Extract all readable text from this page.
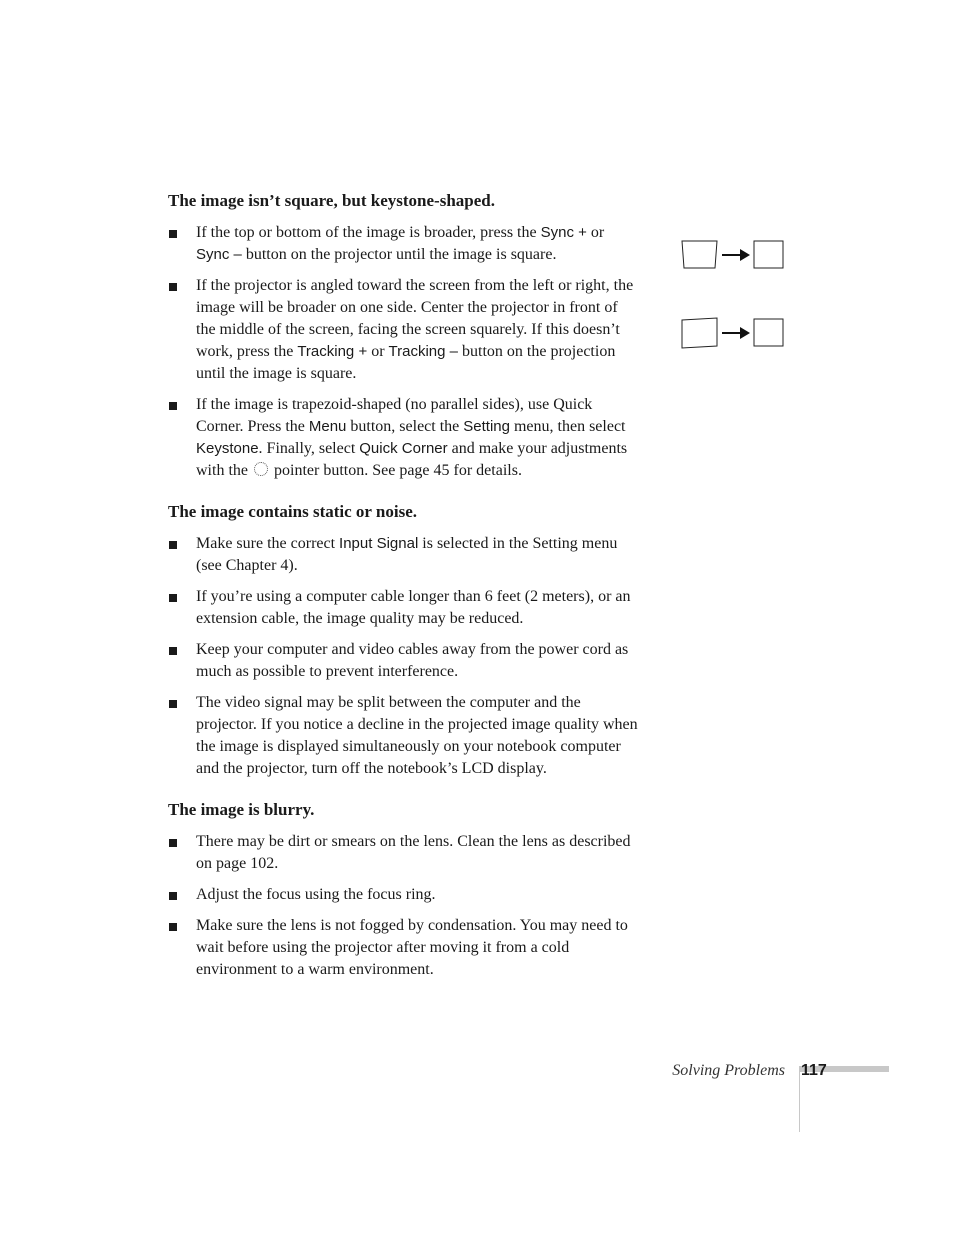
The image isn’t square, but keystone-shaped.
If the top or bottom of the image is broader, press the Sync + or Sync – button on the projector until the image is square.
If the projector is angled toward the screen from the left or right, the image will be broader on one side. Center the projector in front of the middle of the screen, facing the screen squarely. If this doesn’t work, press the Tracking + or Tracking – button on the projection until the image is square.
If the image is trapezoid-shaped (no parallel sides), use Quick Corner. Press the Menu button, select the Setting menu, then select Keystone. Finally, select Quick Corner and make your adjustments with the  pointer button. See page 45 for details.
The image contains static or noise.
Make sure the correct Input Signal is selected in the Setting menu (see Chapter 4).
If you’re using a computer cable longer than 6 feet (2 meters), or an extension cable, the image quality may be reduced.
Keep your computer and video cables away from the power cord as much as possible to prevent interference.
The video signal may be split between the computer and the projector. If you notice a decline in the projected image quality when the image is displayed simultaneously on your notebook computer and the projector, turn off the notebook’s LCD display.
The image is blurry.
There may be dirt or smears on the lens. Clean the lens as described on page 102.
Adjust the focus using the focus ring.
Make sure the lens is not fogged by condensation. You may need to wait before using the projector after moving it from a cold environment to a warm environment.
Solving Problems 117
